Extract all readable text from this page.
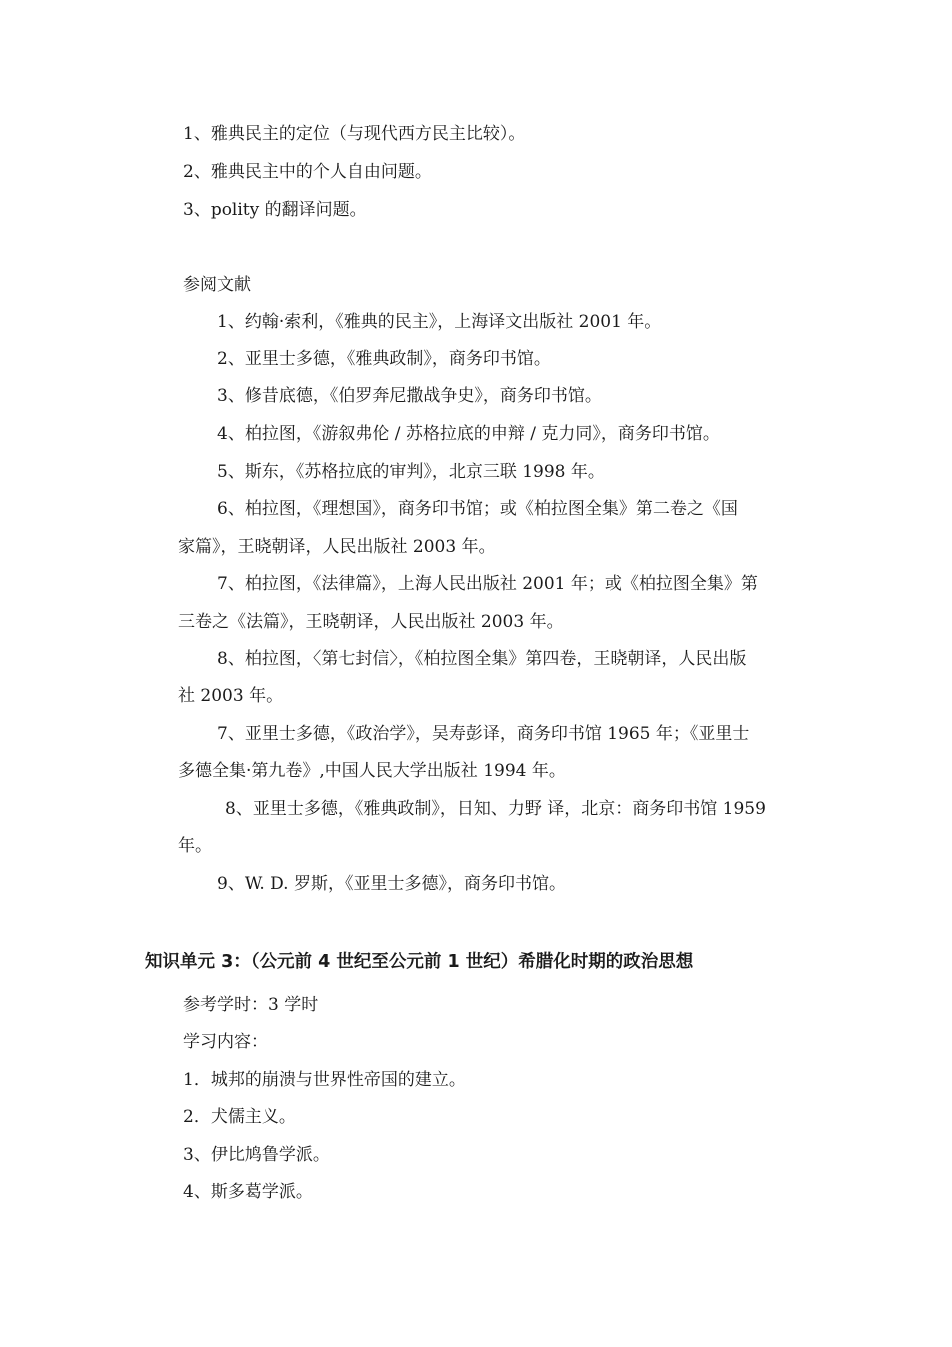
1、雅典民主的定位（与现代西方民主比较）。
2、雅典民主中的个人自由问题。
3、polity 的翻译问题。
参阅文献
1、约翰·索利，《雅典的民主》，上海译文出版社 2001 年。
2、亚里士多德，《雅典政制》，商务印书馆。
3、修昔底德，《伯罗奔尼撒战争史》，商务印书馆。
4、柏拉图，《游叙弗伦 / 苏格拉底的申辩 / 克力同》，商务印书馆。
5、斯东，《苏格拉底的审判》，北京三联 1998 年。
6、柏拉图，《理想国》，商务印书馆；或《柏拉图全集》第二卷之《国
家篇》，王晓朝译，人民出版社 2003 年。
7、柏拉图，《法律篇》，上海人民出版社 2001 年；或《柏拉图全集》第
三卷之《法篇》，王晓朝译，人民出版社 2003 年。
8、柏拉图，〈第七封信〉，《柏拉图全集》第四卷，王晓朝译，人民出版
社 2003 年。
7、亚里士多德，《政治学》，吴寿彭译，商务印书馆 1965 年；《亚里士
多德全集·第九卷》,中国人民大学出版社 1994 年。
8、亚里士多德，《雅典政制》，日知、力野 译，北京：商务印书馆 1959
年。
9、W. D. 罗斯，《亚里士多德》，商务印书馆。
知识单元 3：（公元前 4 世纪至公元前 1 世纪）希腊化时期的政治思想
参考学时：3 学时
学习内容：
1．城邦的崩溃与世界性帝国的建立。
2．犬儒主义。
3、伊比鸠鲁学派。
4、斯多葛学派。
